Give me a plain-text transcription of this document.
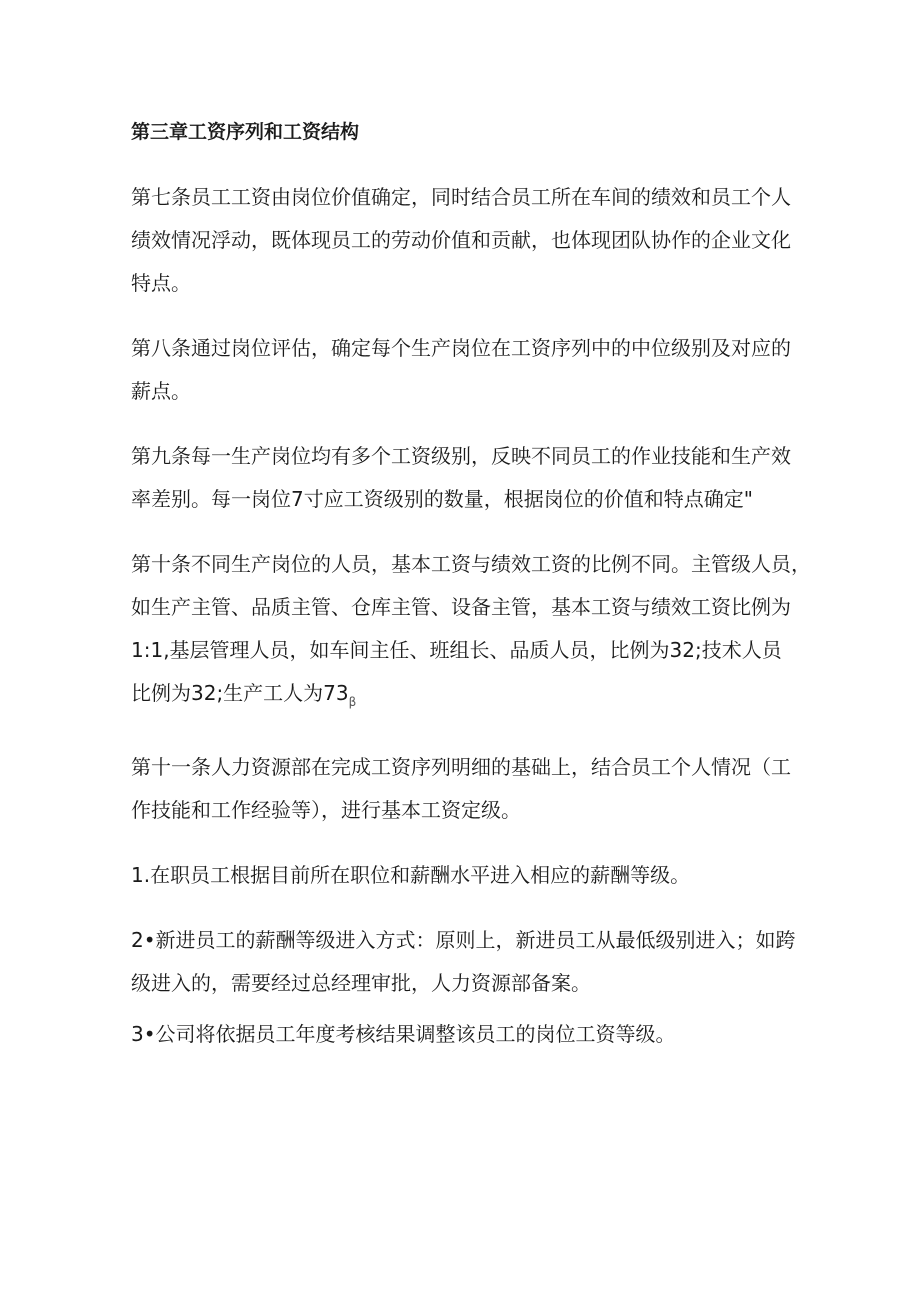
第三章工资序列和工资结构
第七条员工工资由岗位价值确定，同时结合员工所在车间的绩效和员工个人
绩效情况浮动，既体现员工的劳动价值和贡献，也体现团队协作的企业文化
特点。
第八条通过岗位评估，确定每个生产岗位在工资序列中的中位级别及对应的
薪点。
第九条每一生产岗位均有多个工资级别，反映不同员工的作业技能和生产效
率差别。每一岗位7寸应工资级别的数量，根据岗位的价值和特点确定"
第十条不同生产岗位的人员，基本工资与绩效工资的比例不同。主管级人员，
如生产主管、品质主管、仓库主管、设备主管，基本工资与绩效工资比例为
1:1,基层管理人员，如车间主任、班组长、品质人员，比例为32;技术人员
比例为32;生产工人为$73_\beta$
第十一条人力资源部在完成工资序列明细的基础上，结合员工个人情况（工
作技能和工作经验等），进行基本工资定级。
1.在职员工根据目前所在职位和薪酬水平进入相应的薪酬等级。
2•新进员工的薪酬等级进入方式：原则上，新进员工从最低级别进入；如跨
级进入的，需要经过总经理审批，人力资源部备案。
3•公司将依据员工年度考核结果调整该员工的岗位工资等级。
